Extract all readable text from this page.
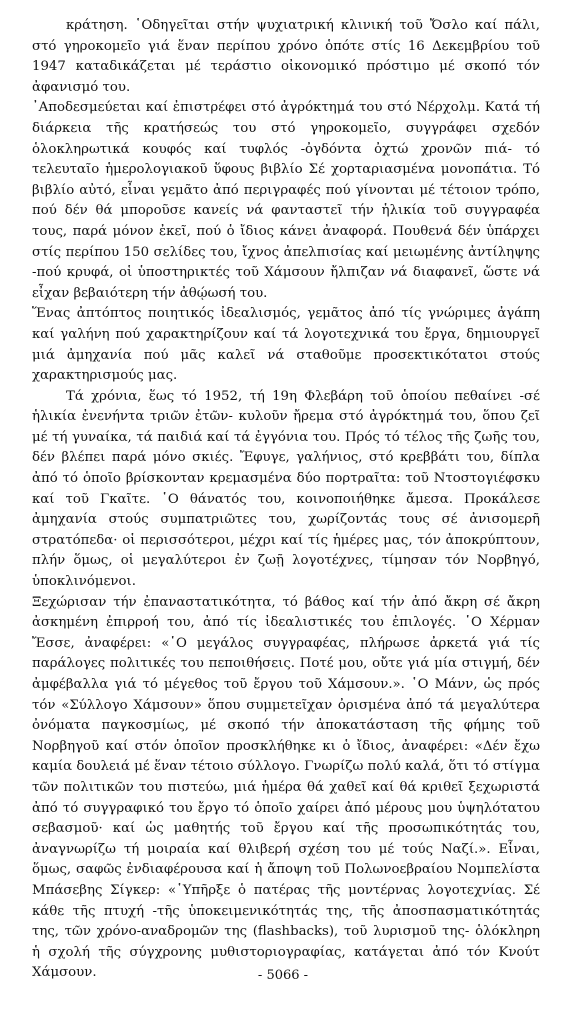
κράτηση. ῾Οδηγεῖται στήν ψυχιατρική κλινική τοῦ Ὄσλο καί πάλι, στό γηροκομεῖο γιά ἕναν περίπου χρόνο ὁπότε στίς 16 Δεκεμβρίου τοῦ 1947 καταδικάζεται μέ τεράστιο οἰκονομικό πρόστιμο μέ σκοπό τόν ἀφανισμό του.

᾿Αποδεσμεύεται καί ἐπιστρέφει στό ἀγρόκτημά του στό Νέρχολμ. Κατά τή διάρκεια τῆς κρατήσεώς του στό γηροκομεῖο, συγγράφει σχεδόν ὁλοκληρωτικά κουφός καί τυφλός -ὀγδόντα ὀχτώ χρονῶν πιά- τό τελευταῖο ἡμερολογιακοῦ ὕφους βιβλίο Σέ χορταριασμένα μονοπάτια. Τό βιβλίο αὐτό, εἶναι γεμᾶτο ἀπό περιγραφές πού γίνονται μέ τέτοιον τρόπο, πού δέν θά μποροῦσε κανείς νά φανταστεῖ τήν ἡλικία τοῦ συγγραφέα τους, παρά μόνον ἐκεῖ, πού ὁ ἴδιος κάνει ἀναφορά. Πουθενά δέν ὑπάρχει στίς περίπου 150 σελίδες του, ἴχνος ἀπελπισίας καί μειωμένης ἀντίληψης -πού κρυφά, οἱ ὑποστηρικτές τοῦ Χάμσουν ἤλπιζαν νά διαφανεῖ, ὥστε νά εἶχαν βεβαιότερη τήν ἀθῴωσή του.

Ἕνας ἀπτόπτος ποιητικός ἰδεαλισμός, γεμᾶτος ἀπό τίς γνώριμες ἀγάπη καί γαλήνη πού χαρακτηρίζουν καί τά λογοτεχνικά του ἔργα, δημιουργεῖ μιά ἀμηχανία πού μᾶς καλεῖ νά σταθοῦμε προσεκτικότατοι στούς χαρακτηρισμούς μας.

Τά χρόνια, ἕως τό 1952, τή 19η Φλεβάρη τοῦ ὁποίου πεθαίνει -σέ ἡλικία ἐνενήντα τριῶν ἐτῶν- κυλοῦν ἤρεμα στό ἀγρόκτημά του, ὅπου ζεῖ μέ τή γυναίκα, τά παιδιά καί τά ἐγγόνια του. Πρός τό τέλος τῆς ζωῆς του, δέν βλέπει παρά μόνο σκιές. Ἔφυγε, γαλήνιος, στό κρεββάτι του, δίπλα ἀπό τό ὁποῖο βρίσκονταν κρεμασμένα δύο πορτραῖτα: τοῦ Ντοστογιέφσκυ καί τοῦ Γκαῖτε. ῾Ο θάνατός του, κοινοποιήθηκε ἄμεσα. Προκάλεσε ἀμηχανία στούς συμπατριῶτες του, χωρίζοντάς τους σέ ἀνισομερῆ στρατόπεδα· οἱ περισσότεροι, μέχρι καί τίς ἡμέρες μας, τόν ἀποκρύπτουν, πλήν ὅμως, οἱ μεγαλύτεροι ἐν ζωῇ λογοτέχνες, τίμησαν τόν Νορβηγό, ὑποκλινόμενοι.

Ξεχώρισαν τήν ἐπαναστατικότητα, τό βάθος καί τήν ἀπό ἄκρη σέ ἄκρη ἀσκημένη ἐπιρροή του, ἀπό τίς ἰδεαλιστικές του ἐπιλογές. ῾Ο Χέρμαν Ἔσσε, ἀναφέρει: «῾Ο μεγάλος συγγραφέας, πλήρωσε ἀρκετά γιά τίς παράλογες πολιτικές του πεποιθήσεις. Ποτέ μου, οὔτε γιά μία στιγμή, δέν ἀμφέβαλλα γιά τό μέγεθος τοῦ ἔργου τοῦ Χάμσουν.». ῾Ο Μάνν, ὡς πρός τόν «Σύλλογο Χάμσουν» ὅπου συμμετεῖχαν ὀρισμένα ἀπό τά μεγαλύτερα ὀνόματα παγκοσμίως, μέ σκοπό τήν ἀποκατάσταση τῆς φήμης τοῦ Νορβηγοῦ καί στόν ὁποῖον προσκλήθηκε κι ὁ ἴδιος, ἀναφέρει: «Δέν ἔχω καμία δουλειά μέ ἕναν τέτοιο σύλλογο. Γνωρίζω πολύ καλά, ὅτι τό στίγμα τῶν πολιτικῶν του πιστεύω, μιά ἡμέρα θά χαθεῖ καί θά κριθεῖ ξεχωριστά ἀπό τό συγγραφικό του ἔργο τό ὁποῖο χαίρει ἀπό μέρους μου ὑψηλότατου σεβασμοῦ· καί ὡς μαθητής τοῦ ἔργου καί τῆς προσωπικότητάς του, ἀναγνωρίζω τή μοιραία καί θλιβερή σχέση του μέ τούς Ναζί.». Εἶναι, ὅμως, σαφῶς ἐνδιαφέρουσα καί ἡ ἄποψη τοῦ Πολωνοεβραίου Νομπελίστα Μπάσεβης Σίγκερ: «῾Υπῆρξε ὁ πατέρας τῆς μοντέρνας λογοτεχνίας. Σέ κάθε τῆς πτυχή -τῆς ὑποκειμενικότητάς της, τῆς ἀποσπασματικότητάς της, τῶν χρόνο-αναδρομῶν της (flashbacks), τοῦ λυρισμοῦ της- ὁλόκληρη ἡ σχολή τῆς σύγχρονης μυθιστοριογραφίας, κατάγεται ἀπό τόν Κνούτ Χάμσουν.	- 5066 -
